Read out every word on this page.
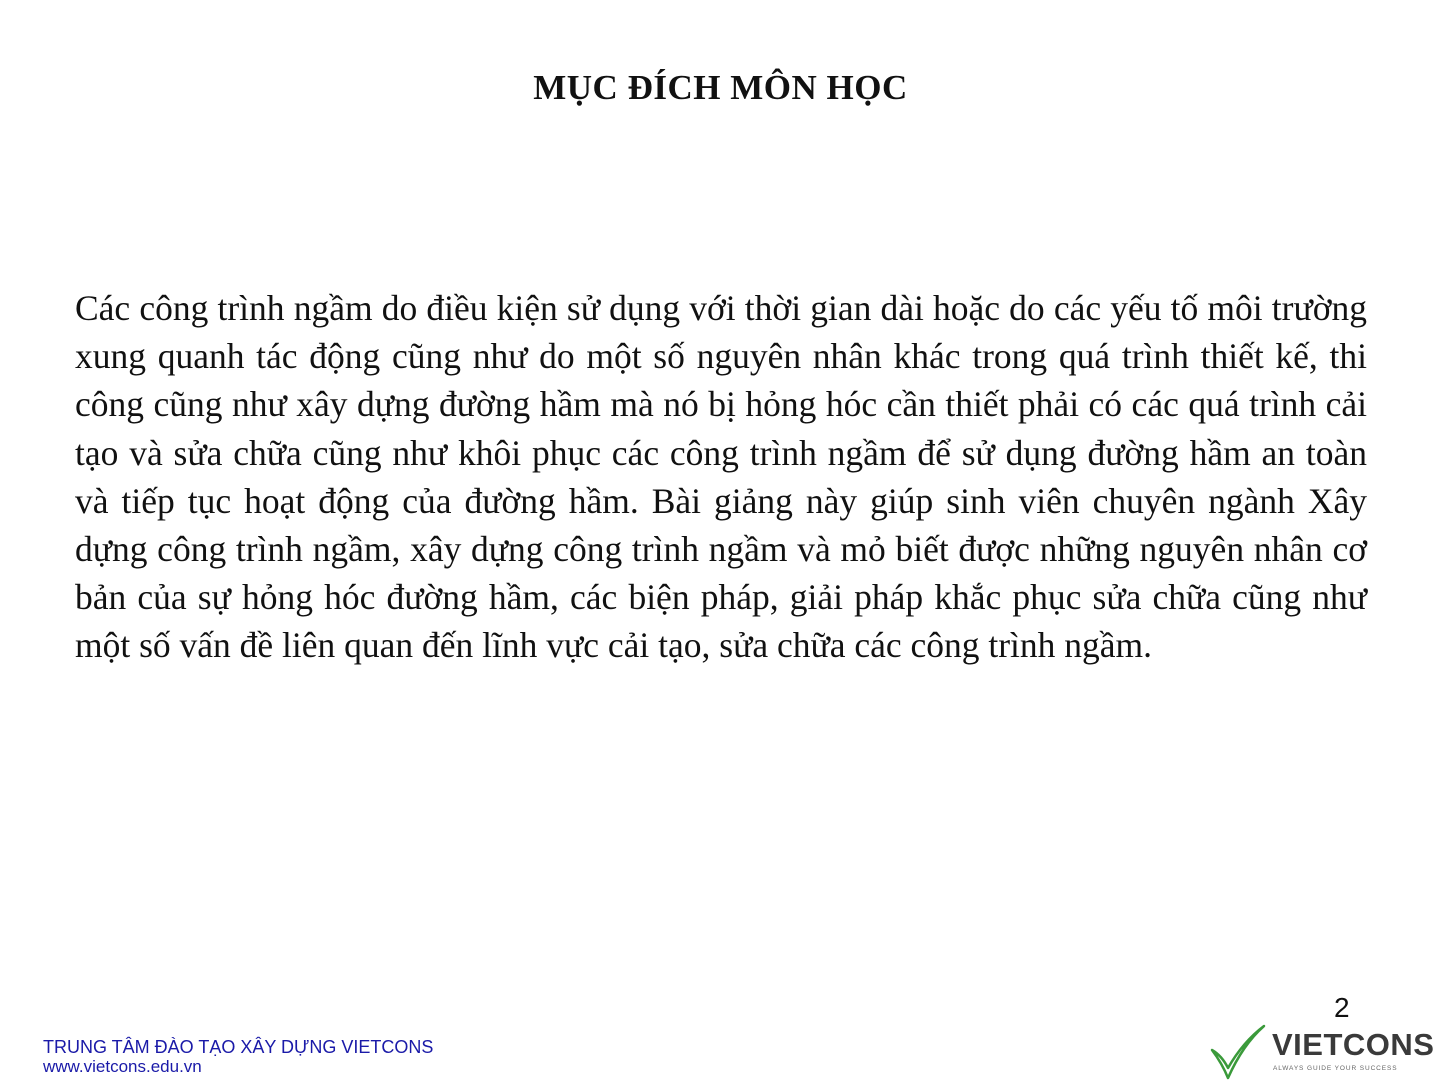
MỤC ĐÍCH MÔN HỌC

Các công trình ngầm do điều kiện sử dụng với thời gian dài hoặc do các yếu tố môi trường xung quanh tác động cũng như do một số nguyên nhân khác trong quá trình thiết kế, thi công cũng như xây dựng đường hầm mà nó bị hỏng hóc cần thiết phải có các quá trình cải tạo và sửa chữa cũng như khôi phục các công trình ngầm để sử dụng đường hầm an toàn và tiếp tục hoạt động của đường hầm. Bài giảng này giúp sinh viên chuyên ngành Xây dựng công trình ngầm, xây dựng công trình ngầm và mỏ biết được những nguyên nhân cơ bản của sự hỏng hóc đường hầm, các biện pháp, giải pháp khắc phục sửa chữa cũng như một số vấn đề liên quan đến lĩnh vực cải tạo, sửa chữa các công trình ngầm.

2
TRUNG TÂM ĐÀO TẠO XÂY DỰNG VIETCONS
www.vietcons.edu.vn
VIETCONS
ALWAYS GUIDE YOUR SUCCESS
